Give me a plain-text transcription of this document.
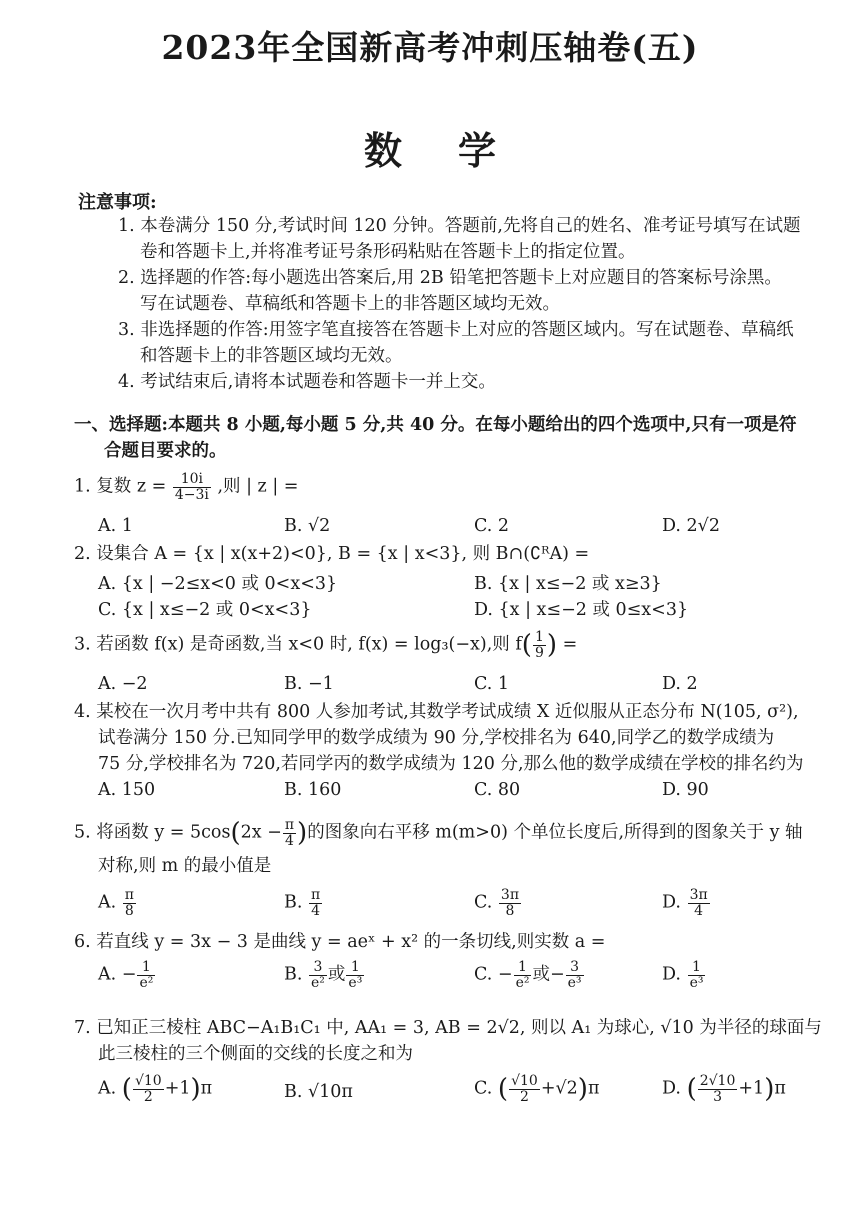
2023年全国新高考冲刺压轴卷(五)
数学
注意事项:
1. 本卷满分 150 分,考试时间 120 分钟。答题前,先将自己的姓名、准考证号填写在试题
卷和答题卡上,并将准考证号条形码粘贴在答题卡上的指定位置。
2. 选择题的作答:每小题选出答案后,用 2B 铅笔把答题卡上对应题目的答案标号涂黑。
写在试题卷、草稿纸和答题卡上的非答题区域均无效。
3. 非选择题的作答:用签字笔直接答在答题卡上对应的答题区域内。写在试题卷、草稿纸
和答题卡上的非答题区域均无效。
4. 考试结束后,请将本试题卷和答题卡一并上交。
一、选择题:本题共 8 小题,每小题 5 分,共 40 分。在每小题给出的四个选项中,只有一项是符
合题目要求的。
1. 复数 $z = \frac{10i}{4-3i}$ ,则 | z | =
A. 1	B. √2	C. 2	D. 2√2
2. 设集合 A = {x | x(x+2)<0}, B = {x | x<3}, 则 B∩(∁ᴿA) =
A. {x | −2≤x<0 或 0<x<3}	B. {x | x≤−2 或 x≥3}
C. {x | x≤−2 或 0<x<3}	D. {x | x≤−2 或 0≤x<3}
3. 若函数 f(x) 是奇函数,当 x<0 时, f(x) = log₃(−x),则 $f( \frac{1}{9}$ ) =
A. −2	B. −1	C. 1	D. 2
4. 某校在一次月考中共有 800 人参加考试,其数学考试成绩 X 近似服从正态分布 N(105, σ²),
试卷满分 150 分.已知同学甲的数学成绩为 90 分,学校排名为 640,同学乙的数学成绩为
75 分,学校排名为 720,若同学丙的数学成绩为 120 分,那么他的数学成绩在学校的排名约为
A. 150	B. 160	C. 80	D. 90
5. 将函数 $y = 5\cos(2x - \frac{\pi}{4}$ )的图象向右平移 m(m>0) 个单位长度后,所得到的图象关于 y 轴
对称,则 m 的最小值是
A. $\frac{\pi}{8}$	B. $\frac{\pi}{4}$	C. $\frac{3\pi}{8}$	D. $\frac{3\pi}{4}$
6. 若直线 y = 3x − 3 是曲线 y = aeˣ + x² 的一条切线,则实数 a =
A. − $\frac{1}{\text{e²}}$	B. $\frac{3}{\text{e²}}$ 或 $\frac{1}{\text{e³}}$	C. − $\frac{1}{\text{e²}}$ 或− $\frac{3}{\text{e³}}$	D. $\frac{1}{\text{e³}}$
7. 已知正三棱柱 ABC−A₁B₁C₁ 中, AA₁ = 3, AB = 2√2, 则以 A₁ 为球心, √10 为半径的球面与
此三棱柱的三个侧面的交线的长度之和为
A. ( $\frac{√10}{2} +1)\pi$	B. √10π	C. ( $\frac{√10}{2} +√2)\pi$	D. ( $\frac{2√10}{3} +1)\pi$
